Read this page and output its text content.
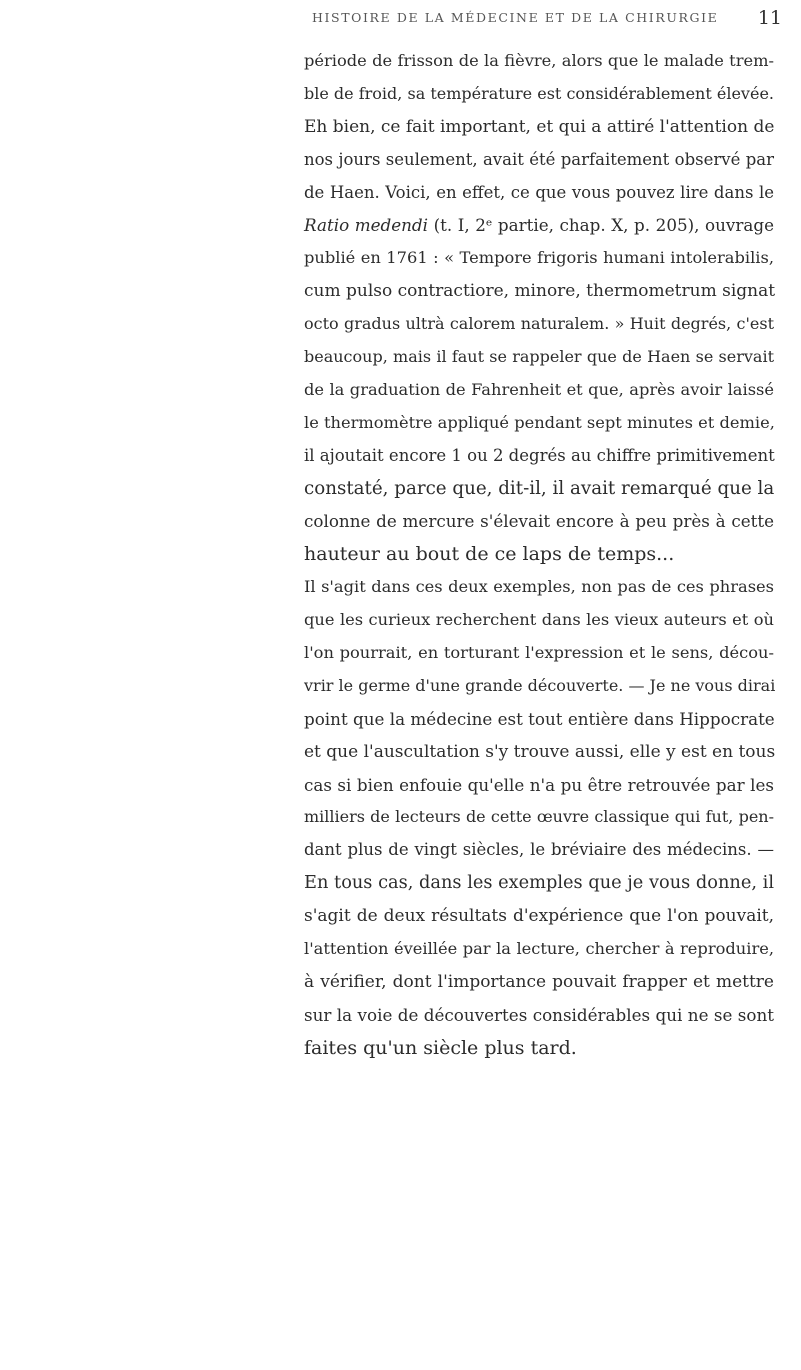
HISTOIRE DE LA MÉDECINE ET DE LA CHIRURGIE 11
période de frisson de la fièvre, alors que le malade trem-
ble de froid, sa température est considérablement élevée.
Eh bien, ce fait important, et qui a attiré l'attention de
nos jours seulement, avait été parfaitement observé par
de Haen. Voici, en effet, ce que vous pouvez lire dans le
Ratio medendi (t. I, 2ᵉ partie, chap. X, p. 205), ouvrage
publié en 1761 : « Tempore frigoris humani intolerabilis,
cum pulso contractiore, minore, thermometrum signat
octo gradus ultrà calorem naturalem. » Huit degrés, c'est
beaucoup, mais il faut se rappeler que de Haen se servait
de la graduation de Fahrenheit et que, après avoir laissé
le thermomètre appliqué pendant sept minutes et demie,
il ajoutait encore 1 ou 2 degrés au chiffre primitivement
constaté, parce que, dit-il, il avait remarqué que la
colonne de mercure s'élevait encore à peu près à cette
hauteur au bout de ce laps de temps...
Il s'agit dans ces deux exemples, non pas de ces phrases
que les curieux recherchent dans les vieux auteurs et où
l'on pourrait, en torturant l'expression et le sens, décou-
vrir le germe d'une grande découverte. — Je ne vous dirai
point que la médecine est tout entière dans Hippocrate
et que l'auscultation s'y trouve aussi, elle y est en tous
cas si bien enfouie qu'elle n'a pu être retrouvée par les
milliers de lecteurs de cette œuvre classique qui fut, pen-
dant plus de vingt siècles, le bréviaire des médecins. —
En tous cas, dans les exemples que je vous donne, il
s'agit de deux résultats d'expérience que l'on pouvait,
l'attention éveillée par la lecture, chercher à reproduire,
à vérifier, dont l'importance pouvait frapper et mettre
sur la voie de découvertes considérables qui ne se sont
faites qu'un siècle plus tard.
